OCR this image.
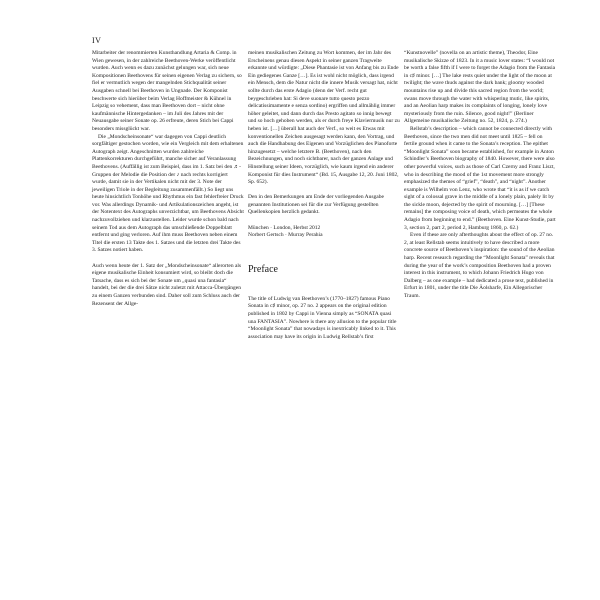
IV

Mitarbeiter der renommierten Kunsthandlung Artaria & Comp. in Wien gewesen, in der zahlreiche Beethoven-Werke veröffentlicht wurden. Auch wenn es dazu zunächst gelungen war, sich neue Kompositionen Beethovens für seinen eigenen Verlag zu sichern, so fiel er vermutlich wegen der mangelnden Stichqualität seiner Ausgaben schnell bei Beethoven in Ungnade. Der Komponist beschwerte sich hierüber beim Verlag Hoffmeister & Kühnel in Leipzig so vehement, dass man Beethoven dort – nicht ohne kaufmännische Hintergedanken – im Juli des Jahres mit der Neuausgabe seiner Sonate op. 26 erfreute, deren Stich bei Cappi besonders missglückt war.

Die „Mondscheinsonate“ war dagegen von Cappi deutlich sorgfältiger gestochen worden, wie ein Vergleich mit dem erhaltenen Autograph zeigt. Angeschnitten wurden zahlreiche Plattenkorrekturen durchgeführt, manche sicher auf Veranlassung Beethovens. (Auffällig ist zum Beispiel, dass im 1. Satz bei den ♬-Gruppen der Melodie die Position der ♪ nach rechts korrigiert wurde, damit sie in der Vertikalen nicht mit der 3. Note der jeweiligen Triole in der Begleitung zusammenfällt.) So liegt uns heute hinsichtlich Tonhöhe und Rhythmus ein fast fehlerfreier Druck vor. Was allerdings Dynamik- und Artikulationszeichen angeht, ist der Notentext des Autographs unverzichtbar, um Beethovens Absicht nachzuvollziehen und klarzustellen. Leider wurde schon bald nach seinem Tod aus dem Autograph das umschließende Doppelblatt entfernt und ging verloren. Auf ihm muss Beethoven neben einem Titel die ersten 13 Takte des 1. Satzes und die letzten drei Takte des 3. Satzes notiert haben.

Auch wenn heute der 1. Satz der „Mondscheinsonate“ allerorten als eigene musikalische Einheit konsumiert wird, so bleibt doch die Tatsache, dass es sich bei der Sonate um „quasi una fantasia“ handelt, bei der die drei Sätze nicht zuletzt mit Attacca-Übergängen zu einem Ganzen verbunden sind. Daher soll zum Schluss auch der Rezensent der Allge-

meinen musikalischen Zeitung zu Wort kommen, der im Jahr des Erscheinens genau diesen Aspekt in seiner ganzen Tragweite erkannte und würdigte: „Diese Phantasie ist von Anfang bis zu Ende Ein gediegenes Ganze […]. Es ist wohl nicht möglich, dass irgend ein Mensch, dem die Natur nicht die innere Musik versagt hat, nicht sollte durch das erste Adagio (denn der Verf. recht gut beygeschrieben hat: Si deve suonare tutto questo pezzo delicatissimamente e senza sordino) ergriffen und allmählig immer höher geleitet, und dann durch das Presto agitato so innig bewegt und so hoch gehoben werden, als er durch freye Klaviermusik nur zu heben ist. […] überall hat auch der Verf., so weit es Etwas mit konventionellen Zeichen ausgesagt werden kann, den Vortrag, und auch die Handhabung des Eigenen und Vorzüglichen des Pianoforte hinzugesetzt – welche letztere B. (Beethoven), nach den Bezeichnungen, und noch sichtbarer, nach der ganzen Anlage und Hinstellung seiner Ideen, vorzüglich, wie kaum irgend ein anderer Komponist für dies Instrument“ (Bd. 15, Ausgabe 12, 20. Juni 1802, Sp. 652).

Den in den Bemerkungen am Ende der vorliegenden Ausgabe genannten Institutionen sei für die zur Verfügung gestellten Quellenkopien herzlich gedankt.

München · London, Herbst 2012
Norbert Gertsch · Murray Perahia

Preface

The title of Ludwig van Beethoven’s (1770–1827) famous Piano Sonata in c♯ minor, op. 27 no. 2 appears on the original edition published in 1802 by Cappi in Vienna simply as “SONATA quasi una FANTASIA”. Nowhere is there any allusion to the popular title “Moonlight Sonata” that nowadays is inextricably linked to it. This association may have its origin in Ludwig Rellstab’s first

“Kunstnovelle” (novella on an artistic theme), Theodor, Eine musikalische Skizze of 1823. In it a music lover states: “I would not be worth a false fifth if I were to forget the Adagio from the Fantasia in c♯ minor. […] The lake rests quiet under the light of the moon at twilight; the wave thuds against the dark bank; gloomy wooded mountains rise up and divide this sacred region from the world; swans move through the water with whispering mutic, like spirits, and an Aeolian harp makes its complaints of longing, lonely love mysteriously from the ruin. Silence, good night!” (Berliner Allgemeine musikalische Zeitung no. 52, 1824, p. 274.)

Rellstab’s description – which cannot be connected directly with Beethoven, since the two men did not meet until 1825 – fell on fertile ground when it came to the Sonata’s reception. The epithet “Moonlight Sonata” soon became established, for example in Anton Schindler’s Beethoven biography of 1840. However, there were also other powerful voices, such as those of Carl Czerny and Franz Liszt, who in describing the mood of the 1st movement more strongly emphasized the themes of “grief”, “death”, and “night”. Another example is Wilhelm von Lenz, who wrote that “it is as if we catch sight of a colossal grave in the middle of a lonely plain, palely lit by the sickle moon, dejected by the spirit of mourning. […] [These remains] the composing voice of death, which permeates the whole Adagio from beginning to end.” (Beethoven. Eine Kunst-Studie, part 3, section 2, part 2, period 2, Hamburg 1860, p. 62.)

Even if these are only afterthoughts about the effect of op. 27 no. 2, at least Rellstab seems intuitively to have described a more concrete source of Beethoven’s inspiration: the sound of the Aeolian harp. Recent research regarding the “Moonlight Sonata” reveals that during the year of the work’s composition Beethoven had a proven interest in this instrument, to which Johann Friedrich Hugo von Dalberg – as one example – had dedicated a prose text, published in Erfurt in 1801, under the title Die Äolsharfe, Ein Allegorischer Traum.
